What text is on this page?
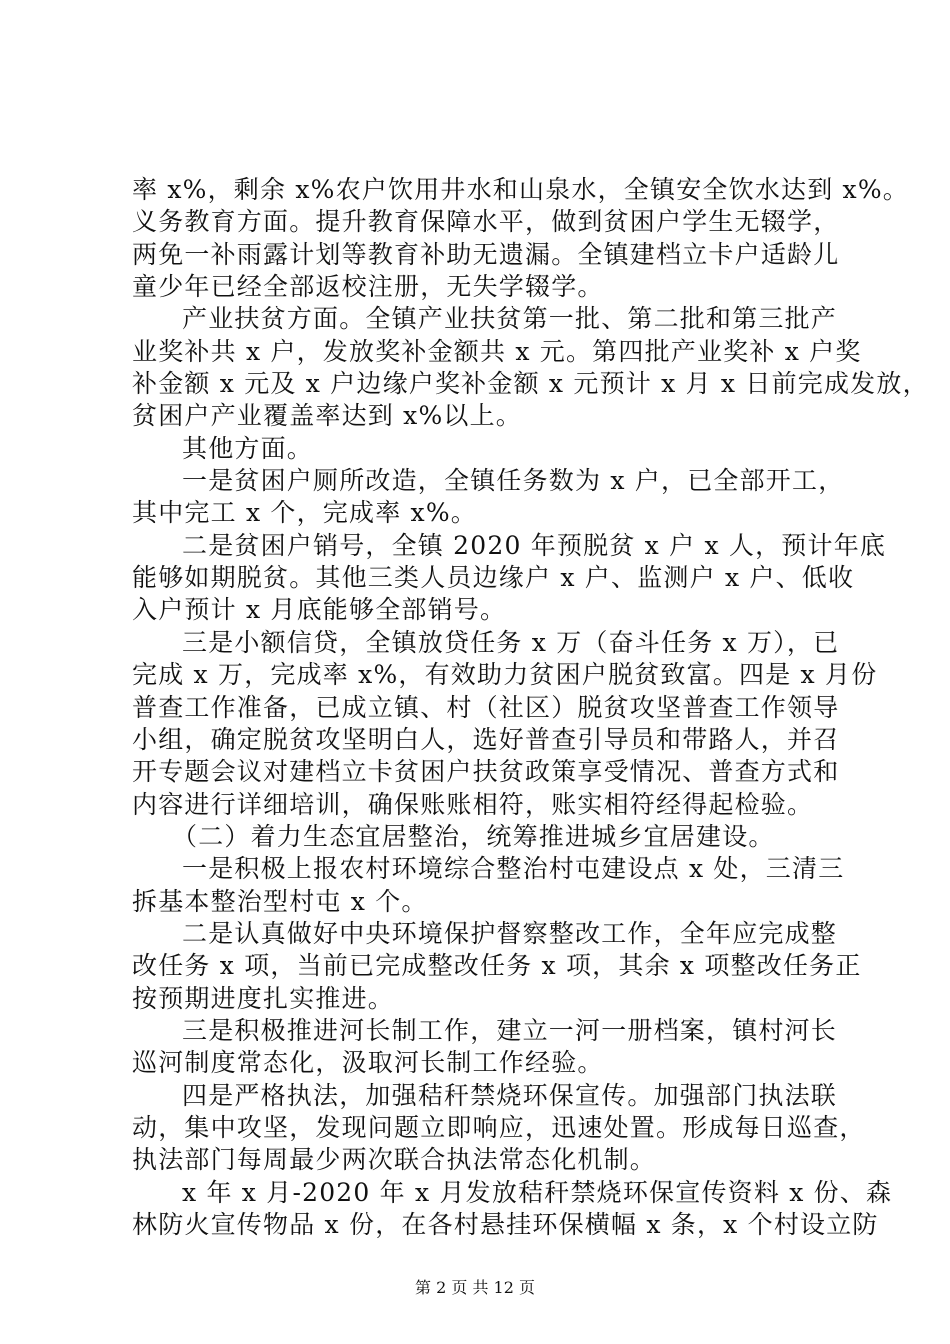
率 x%，剩余 x%农户饮用井水和山泉水，全镇安全饮水达到 x%。
义务教育方面。提升教育保障水平，做到贫困户学生无辍学，
两免一补雨露计划等教育补助无遗漏。全镇建档立卡户适龄儿
童少年已经全部返校注册，无失学辍学。
产业扶贫方面。全镇产业扶贫第一批、第二批和第三批产
业奖补共 x 户，发放奖补金额共 x 元。第四批产业奖补 x 户奖
补金额 x 元及 x 户边缘户奖补金额 x 元预计 x 月 x 日前完成发放，
贫困户产业覆盖率达到 x%以上。
其他方面。
一是贫困户厕所改造，全镇任务数为 x 户，已全部开工，
其中完工 x 个，完成率 x%。
二是贫困户销号，全镇 2020 年预脱贫 x 户 x 人，预计年底
能够如期脱贫。其他三类人员边缘户 x 户、监测户 x 户、低收
入户预计 x 月底能够全部销号。
三是小额信贷，全镇放贷任务 x 万（奋斗任务 x 万），已
完成 x 万，完成率 x%，有效助力贫困户脱贫致富。四是 x 月份
普查工作准备，已成立镇、村（社区）脱贫攻坚普查工作领导
小组，确定脱贫攻坚明白人，选好普查引导员和带路人，并召
开专题会议对建档立卡贫困户扶贫政策享受情况、普查方式和
内容进行详细培训，确保账账相符，账实相符经得起检验。
（二）着力生态宜居整治，统筹推进城乡宜居建设。
一是积极上报农村环境综合整治村屯建设点 x 处，三清三
拆基本整治型村屯 x 个。
二是认真做好中央环境保护督察整改工作，全年应完成整
改任务 x 项，当前已完成整改任务 x 项，其余 x 项整改任务正
按预期进度扎实推进。
三是积极推进河长制工作，建立一河一册档案，镇村河长
巡河制度常态化，汲取河长制工作经验。
四是严格执法，加强秸秆禁烧环保宣传。加强部门执法联
动，集中攻坚，发现问题立即响应，迅速处置。形成每日巡查，
执法部门每周最少两次联合执法常态化机制。
x 年 x 月-2020 年 x 月发放秸秆禁烧环保宣传资料 x 份、森
林防火宣传物品 x 份，在各村悬挂环保横幅 x 条，x 个村设立防
第 2 页 共 12 页
